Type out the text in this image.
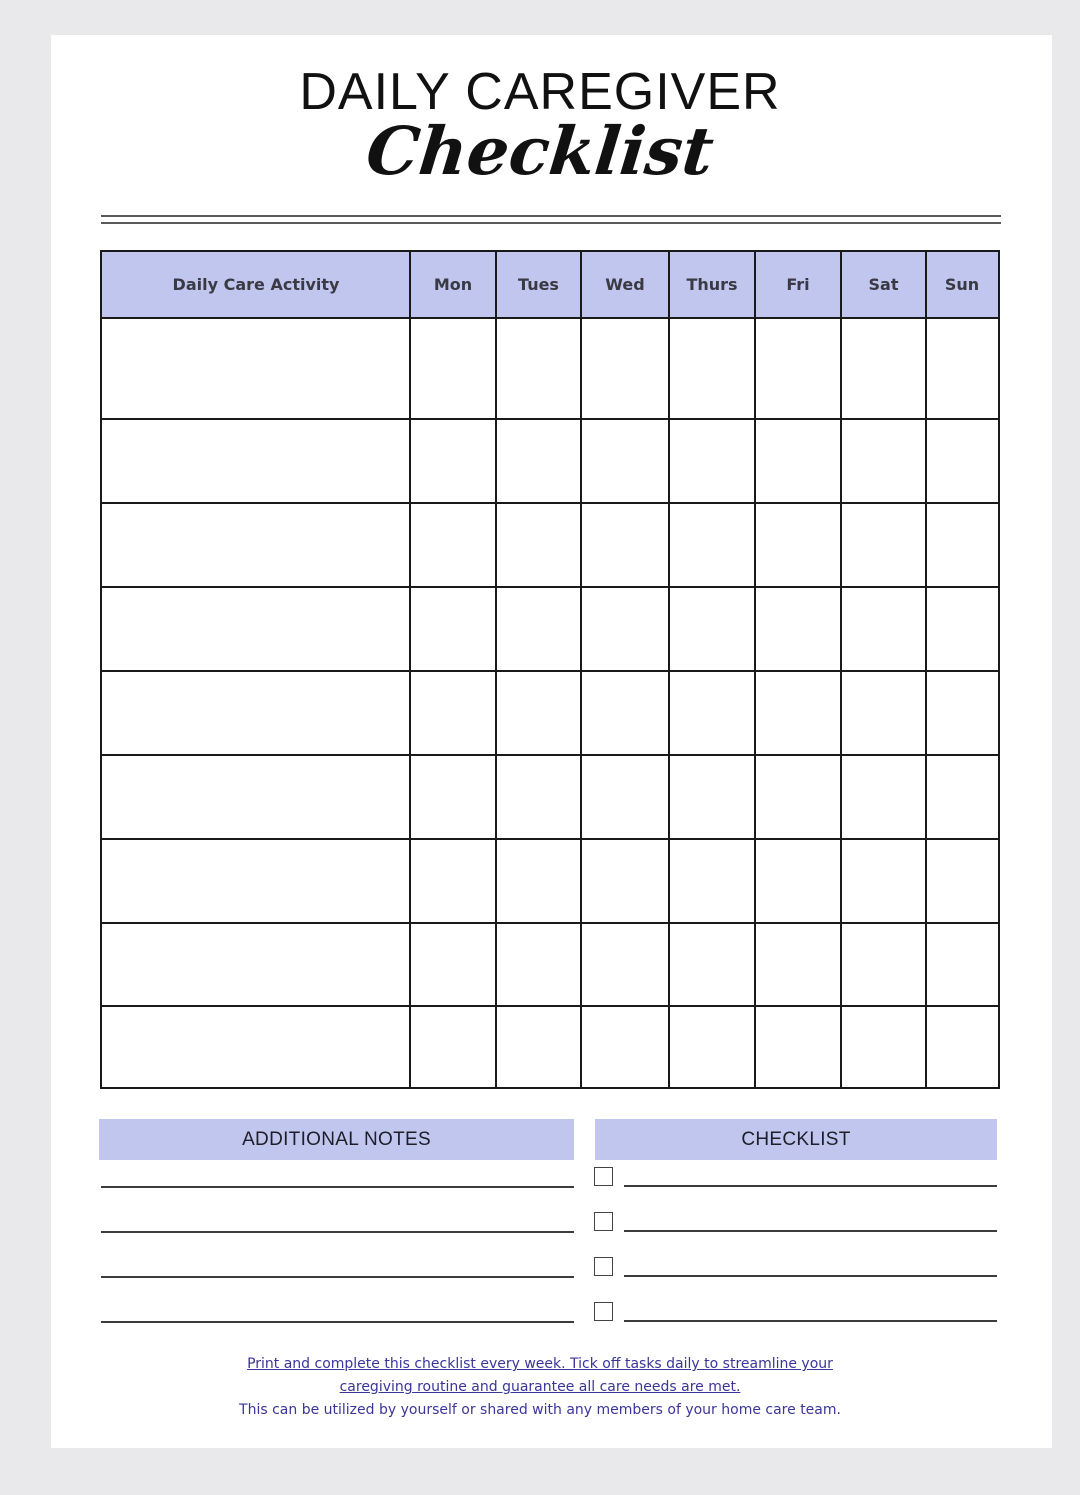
DAILY CAREGIVER
Checklist
Daily Care Activity	Mon	Tues	Wed	Thurs	Fri	Sat	Sun
ADDITIONAL NOTES	CHECKLIST
Print and complete this checklist every week. Tick off tasks daily to streamline your
caregiving routine and guarantee all care needs are met.
This can be utilized by yourself or shared with any members of your home care team.
